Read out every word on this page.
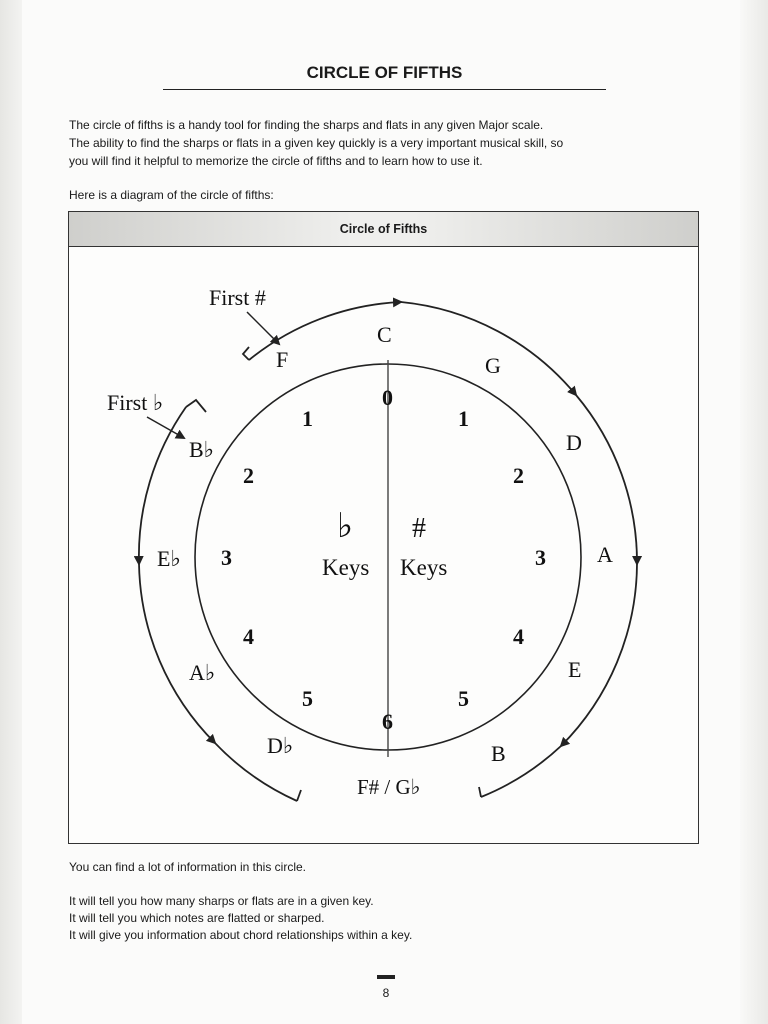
CIRCLE OF FIFTHS
The circle of fifths is a handy tool for finding the sharps and flats in any given Major scale.
The ability to find the sharps or flats in a given key quickly is a very important musical skill, so
you will find it helpful to memorize the circle of fifths and to learn how to use it.

Here is a diagram of the circle of fifths:

Circle of Fifths
First #
First ♭
C
G
D
A
E
B
F# / G♭
D♭
A♭
E♭
B♭
F
0
6
1
2
3
4
5
1
2
3
4
5
♭ #
Keys Keys

You can find a lot of information in this circle.

It will tell you how many sharps or flats are in a given key.

It will tell you which notes are flatted or sharped.

It will give you information about chord relationships within a key.

8
